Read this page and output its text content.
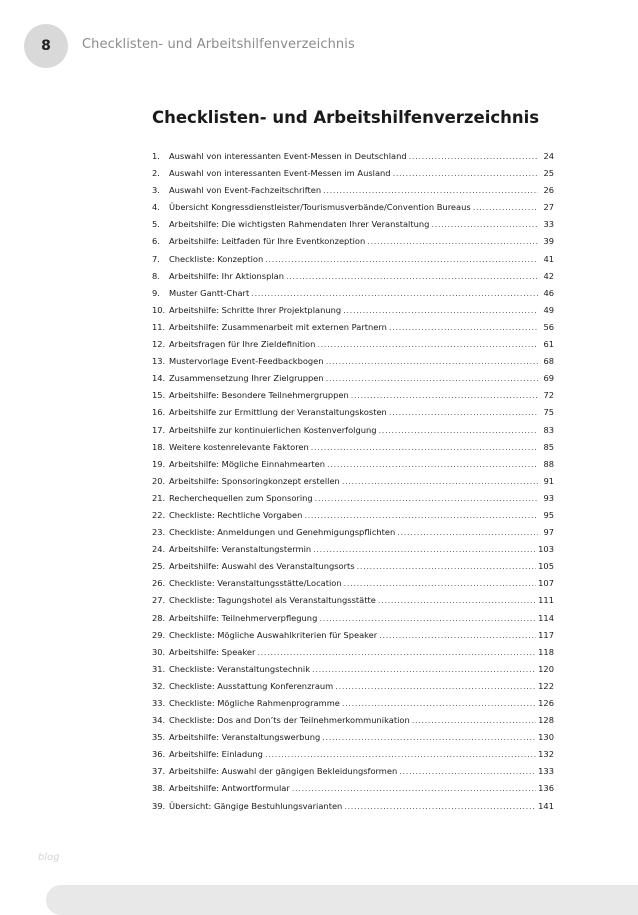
8 Checklisten- und Arbeitshilfenverzeichnis
Checklisten- und Arbeitshilfenverzeichnis
1.	Auswahl von interessanten Event-Messen in Deutschland .....	24
2.	Auswahl von interessanten Event-Messen im Ausland .....	25
3.	Auswahl von Event-Fachzeitschriften .....	26
4.	Übersicht Kongressdienstleister/Tourismusverbände/Convention Bureaus .....	27
5.	Arbeitshilfe: Die wichtigsten Rahmendaten Ihrer Veranstaltung .....	33
6.	Arbeitshilfe: Leitfaden für Ihre Eventkonzeption .....	39
7.	Checkliste: Konzeption .....	41
8.	Arbeitshilfe: Ihr Aktionsplan .....	42
9.	Muster Gantt-Chart .....	46
10. Arbeitshilfe: Schritte Ihrer Projektplanung .....	49
11. Arbeitshilfe: Zusammenarbeit mit externen Partnern .....	56
12. Arbeitsfragen für Ihre Zieldefinition .....	61
13. Mustervorlage Event-Feedbackbogen .....	68
14. Zusammensetzung Ihrer Zielgruppen .....	69
15. Arbeitshilfe: Besondere Teilnehmergruppen .....	72
16. Arbeitshilfe zur Ermittlung der Veranstaltungskosten .....	75
17. Arbeitshilfe zur kontinuierlichen Kostenverfolgung .....	83
18. Weitere kostenrelevante Faktoren .....	85
19. Arbeitshilfe: Mögliche Einnahmearten .....	88
20. Arbeitshilfe: Sponsoringkonzept erstellen .....	91
21. Recherchequellen zum Sponsoring .....	93
22. Checkliste: Rechtliche Vorgaben .....	95
23. Checkliste: Anmeldungen und Genehmigungspflichten .....	97
24. Arbeitshilfe: Veranstaltungstermin .....	103
25. Arbeitshilfe: Auswahl des Veranstaltungsorts .....	105
26. Checkliste: Veranstaltungsstätte/Location .....	107
27. Checkliste: Tagungshotel als Veranstaltungsstätte .....	111
28. Arbeitshilfe: Teilnehmerverpflegung .....	114
29. Checkliste: Mögliche Auswahlkriterien für Speaker .....	117
30. Arbeitshilfe: Speaker .....	118
31. Checkliste: Veranstaltungstechnik .....	120
32. Checkliste: Ausstattung Konferenzraum .....	122
33. Checkliste: Mögliche Rahmenprogramme .....	126
34. Checkliste: Dos and Don’ts der Teilnehmerkommunikation .....	128
35. Arbeitshilfe: Veranstaltungswerbung .....	130
36. Arbeitshilfe: Einladung .....	132
37. Arbeitshilfe: Auswahl der gängigen Bekleidungsformen .....	133
38. Arbeitshilfe: Antwortformular .....	136
39. Übersicht: Gängige Bestuhlungsvarianten .....	141
blog
